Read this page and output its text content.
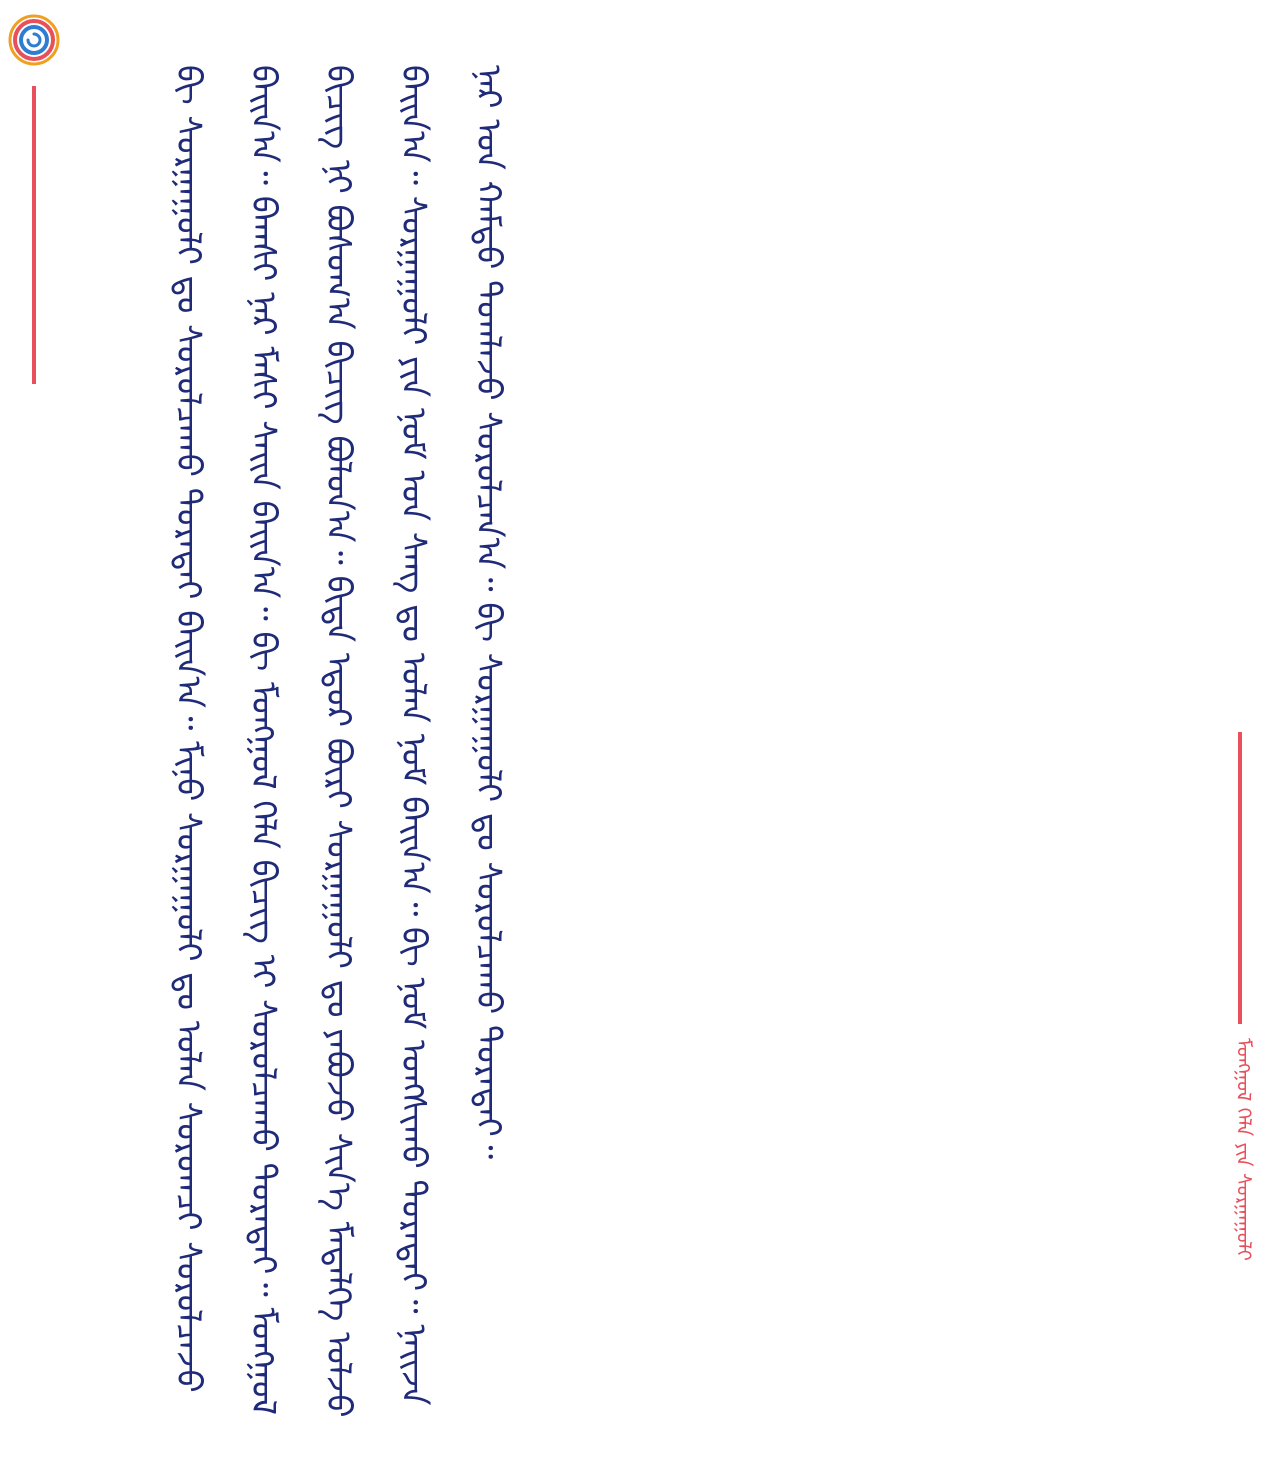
ᠮᠣᠩᠭᠣᠯ ᠬᠡᠯᠡ ᠶᠢᠨ ᠰᠤᠷᠭᠠᠭᠤᠯᠢ
ᠪᠢ ᠰᠤᠷᠭᠠᠭᠤᠯᠢ ᠳᠤ ᠰᠤᠷᠤᠯᠴᠠᠬᠤ ᠳᠤᠷᠠᠲᠠᠢ ᠪᠠᠢᠨ᠎ᠠ᠃ ᠮᠢᠨᠦ ᠰᠤᠷᠭᠠᠭᠤᠯᠢ ᠳᠤ ᠣᠯᠠᠨ ᠰᠤᠷᠤᠭᠴᠢ ᠰᠤᠷᠤᠯᠴᠠᠵᠤ ᠪᠠᠢᠨ᠎ᠠ᠃ ᠪᠠᠭᠰᠢ ᠨᠠᠷ ᠮᠠᠰᠢ ᠰᠠᠢᠨ ᠪᠠᠢᠨ᠎ᠠ᠃ ᠪᠢ ᠮᠣᠩᠭᠣᠯ ᠬᠡᠯᠡ ᠪᠢᠴᠢᠭ ᠢ ᠰᠤᠷᠤᠯᠴᠠᠬᠤ ᠳᠤᠷᠠᠲᠠᠢ᠃ ᠮᠣᠩᠭᠣᠯ ᠪᠢᠴᠢᠭ ᠨᠢ ᠪᠣᠰᠤᠭ᠎ᠠ ᠪᠢᠴᠢᠭ ᠪᠣᠯᠤᠨ᠎ᠠ᠃ ᠪᠢᠳᠡ ᠡᠳᠦᠷ ᠪᠦᠷᠢ ᠰᠤᠷᠭᠠᠭᠤᠯᠢ ᠳᠤ ᠶᠠᠪᠤᠵᠤ ᠰᠢᠨ᠎ᠡ ᠮᠡᠳᠡᠯᠭᠡ ᠣᠯᠵᠤ ᠪᠠᠢᠨ᠎ᠠ᠃ ᠰᠤᠷᠭᠠᠭᠤᠯᠢ ᠶᠢᠨ ᠨᠣᠮ ᠤᠨ ᠰᠠᠩ ᠳᠤ ᠣᠯᠠᠨ ᠨᠣᠮ ᠪᠠᠢᠨ᠎ᠠ᠃ ᠪᠢ ᠨᠣᠮ ᠤᠩᠰᠢᠬᠤ ᠳᠤᠷᠠᠲᠠᠢ᠃ ᠨᠠᠢᠵᠠ ᠨᠠᠷ ᠤᠨ ᠬᠠᠮᠲᠤ ᠲᠣᠭᠯᠠᠵᠤ ᠰᠤᠷᠤᠯᠴᠠᠨ᠎ᠠ᠃ ᠪᠢ ᠰᠤᠷᠭᠠᠭᠤᠯᠢ ᠳᠤ ᠰᠤᠷᠤᠯᠴᠠᠬᠤ ᠳᠤᠷᠠᠲᠠᠢ᠃
